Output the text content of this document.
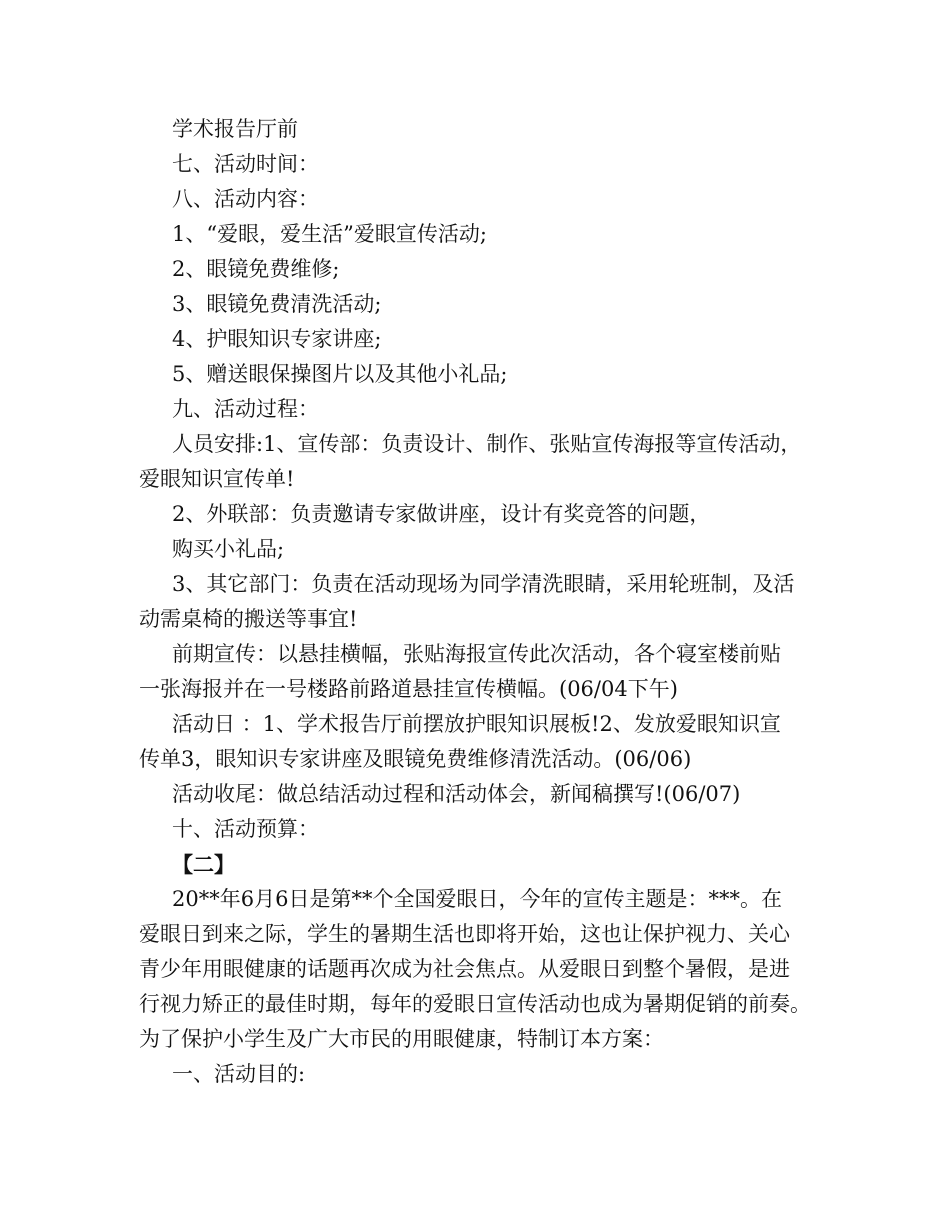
学术报告厅前
七、活动时间：
八、活动内容：
1、“爱眼，爱生活”爱眼宣传活动;
2、眼镜免费维修;
3、眼镜免费清洗活动;
4、护眼知识专家讲座;
5、赠送眼保操图片以及其他小礼品;
九、活动过程：
人员安排:1、宣传部：负责设计、制作、张贴宣传海报等宣传活动，
爱眼知识宣传单!
2、外联部：负责邀请专家做讲座，设计有奖竞答的问题，
购买小礼品;
3、其它部门：负责在活动现场为同学清洗眼睛，采用轮班制，及活
动需桌椅的搬送等事宜!
前期宣传：以悬挂横幅，张贴海报宣传此次活动，各个寝室楼前贴
一张海报并在一号楼路前路道悬挂宣传横幅。(06/04下午)
活动日 ：1、学术报告厅前摆放护眼知识展板!2、发放爱眼知识宣
传单3，眼知识专家讲座及眼镜免费维修清洗活动。(06/06)
活动收尾：做总结活动过程和活动体会，新闻稿撰写!(06/07)
十、活动预算：
【二】
20**年6月6日是第**个全国爱眼日，今年的宣传主题是：***。在
爱眼日到来之际，学生的暑期生活也即将开始，这也让保护视力、关心
青少年用眼健康的话题再次成为社会焦点。从爱眼日到整个暑假，是进
行视力矫正的最佳时期，每年的爱眼日宣传活动也成为暑期促销的前奏。
为了保护小学生及广大市民的用眼健康，特制订本方案：
一、活动目的:
